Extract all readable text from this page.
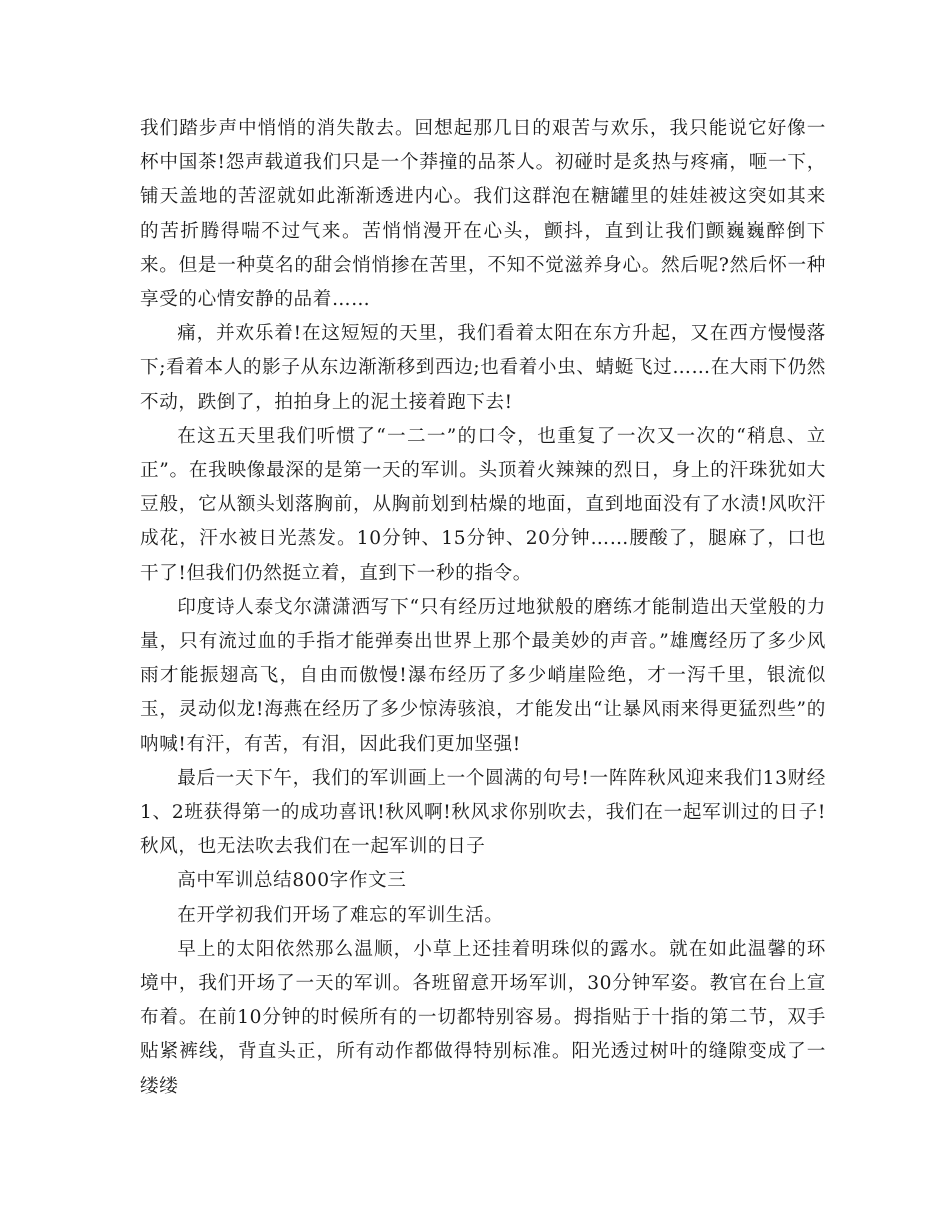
我们踏步声中悄悄的消失散去。回想起那几日的艰苦与欢乐，我只能说它好像一杯中国茶!怨声载道我们只是一个莽撞的品茶人。初碰时是炙热与疼痛，咂一下，铺天盖地的苦涩就如此渐渐透进内心。我们这群泡在糖罐里的娃娃被这突如其来的苦折腾得喘不过气来。苦悄悄漫开在心头，颤抖，直到让我们颤巍巍醉倒下来。但是一种莫名的甜会悄悄掺在苦里，不知不觉滋养身心。然后呢?然后怀一种享受的心情安静的品着……

痛，并欢乐着!在这短短的天里，我们看着太阳在东方升起，又在西方慢慢落下;看着本人的影子从东边渐渐移到西边;也看着小虫、蜻蜓飞过……在大雨下仍然不动，跌倒了，拍拍身上的泥土接着跑下去!

在这五天里我们听惯了“一二一”的口令，也重复了一次又一次的“稍息、立正”。在我映像最深的是第一天的军训。头顶着火辣辣的烈日，身上的汗珠犹如大豆般，它从额头划落胸前，从胸前划到枯燥的地面，直到地面没有了水渍!风吹汗成花，汗水被日光蒸发。10分钟、15分钟、20分钟……腰酸了，腿麻了，口也干了!但我们仍然挺立着，直到下一秒的指令。

印度诗人泰戈尔潇潇洒写下“只有经历过地狱般的磨练才能制造出天堂般的力量，只有流过血的手指才能弹奏出世界上那个最美妙的声音。”雄鹰经历了多少风雨才能振翅高飞，自由而傲慢!瀑布经历了多少峭崖险绝，才一泻千里，银流似玉，灵动似龙!海燕在经历了多少惊涛骇浪，才能发出“让暴风雨来得更猛烈些”的呐喊!有汗，有苦，有泪，因此我们更加坚强!

最后一天下午，我们的军训画上一个圆满的句号!一阵阵秋风迎来我们13财经1、2班获得第一的成功喜讯!秋风啊!秋风求你别吹去，我们在一起军训过的日子!秋风，也无法吹去我们在一起军训的日子

高中军训总结800字作文三

在开学初我们开场了难忘的军训生活。

早上的太阳依然那么温顺，小草上还挂着明珠似的露水。就在如此温馨的环境中，我们开场了一天的军训。各班留意开场军训，30分钟军姿。教官在台上宣布着。在前10分钟的时候所有的一切都特别容易。拇指贴于十指的第二节，双手贴紧裤线，背直头正，所有动作都做得特别标准。阳光透过树叶的缝隙变成了一缕缕
